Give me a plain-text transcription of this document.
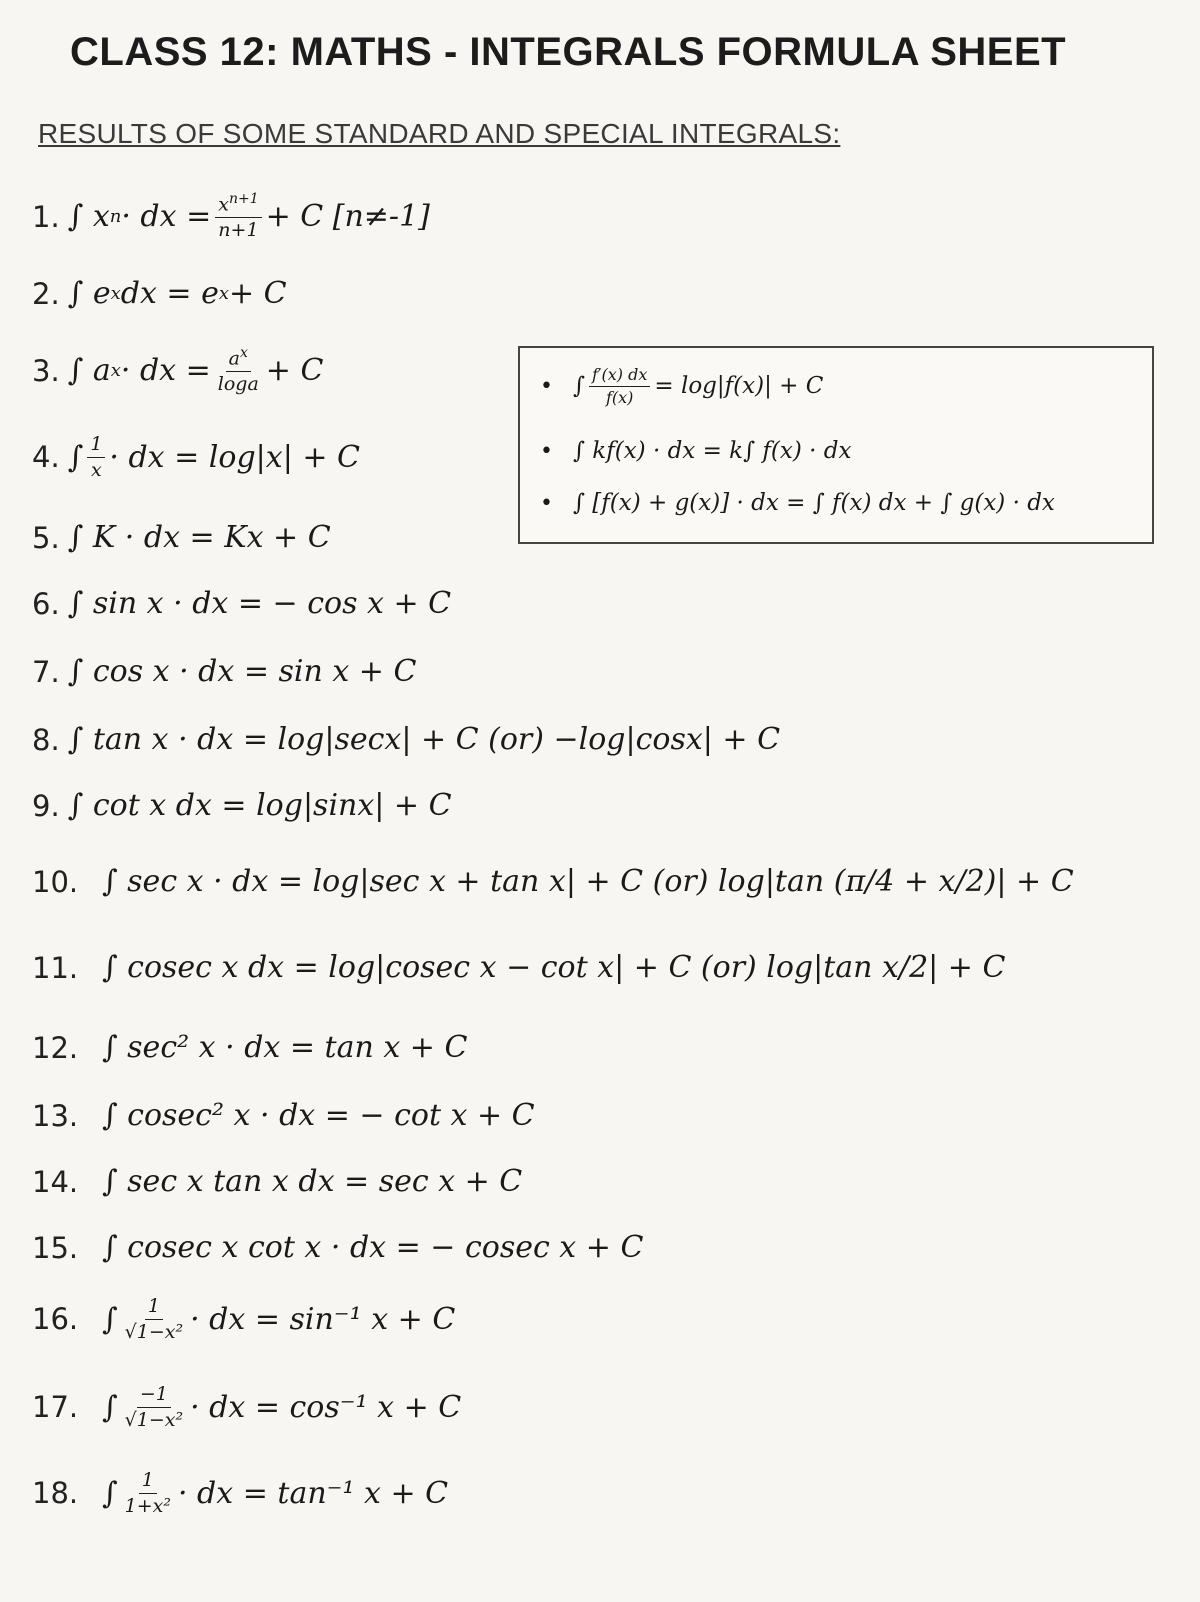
CLASS 12: MATHS - INTEGRALS FORMULA SHEET
RESULTS OF SOME STANDARD AND SPECIAL INTEGRALS:
1. ∫ x n · dx = $\frac{x^{n+1}}{n+1} + C$ [n≠-1]
2. ∫ e x dx = e x + C
3. ∫ a x · dx = $\frac{a^x}{\log a} + C$
4. ∫ $\frac{1}{x}$ · dx = log|x| + C
5. ∫ K · dx = Kx + C
6. ∫ sin x · dx = − cos x + C
7. ∫ cos x · dx = sin x + C
8. ∫ tan x · dx = log|secx| + C (or) −log|cosx| + C
9. ∫ cot x dx = log|sinx| + C
10. ∫ sec x · dx = log|sec x + tan x| + C (or) log|tan (π/4 + x/2)| + C
11. ∫ cosec x dx = log|cosec x − cot x| + C (or) log|tan x/2| + C
12. ∫ sec² x · dx = tan x + C
13. ∫ cosec² x · dx = − cot x + C
14. ∫ sec x tan x dx = sec x + C
15. ∫ cosec x cot x · dx = − cosec x + C
16. ∫ $\frac{1}{\text{√1−x²}}$ · dx = sin⁻¹ x + C
17. ∫ $\frac{-1}{\text{√1−x²}}$ · dx = cos⁻¹ x + C
18. ∫ $\frac{1}{\text{1+x²}}$ · dx = tan⁻¹ x + C
• ∫ $\frac{f'(x) dx}{f(x)} = \log|f(x)| + C$
• ∫ kf(x) · dx = k∫ f(x) · dx
• ∫ [f(x) + g(x)] · dx = ∫ f(x) dx + ∫ g(x) · dx
